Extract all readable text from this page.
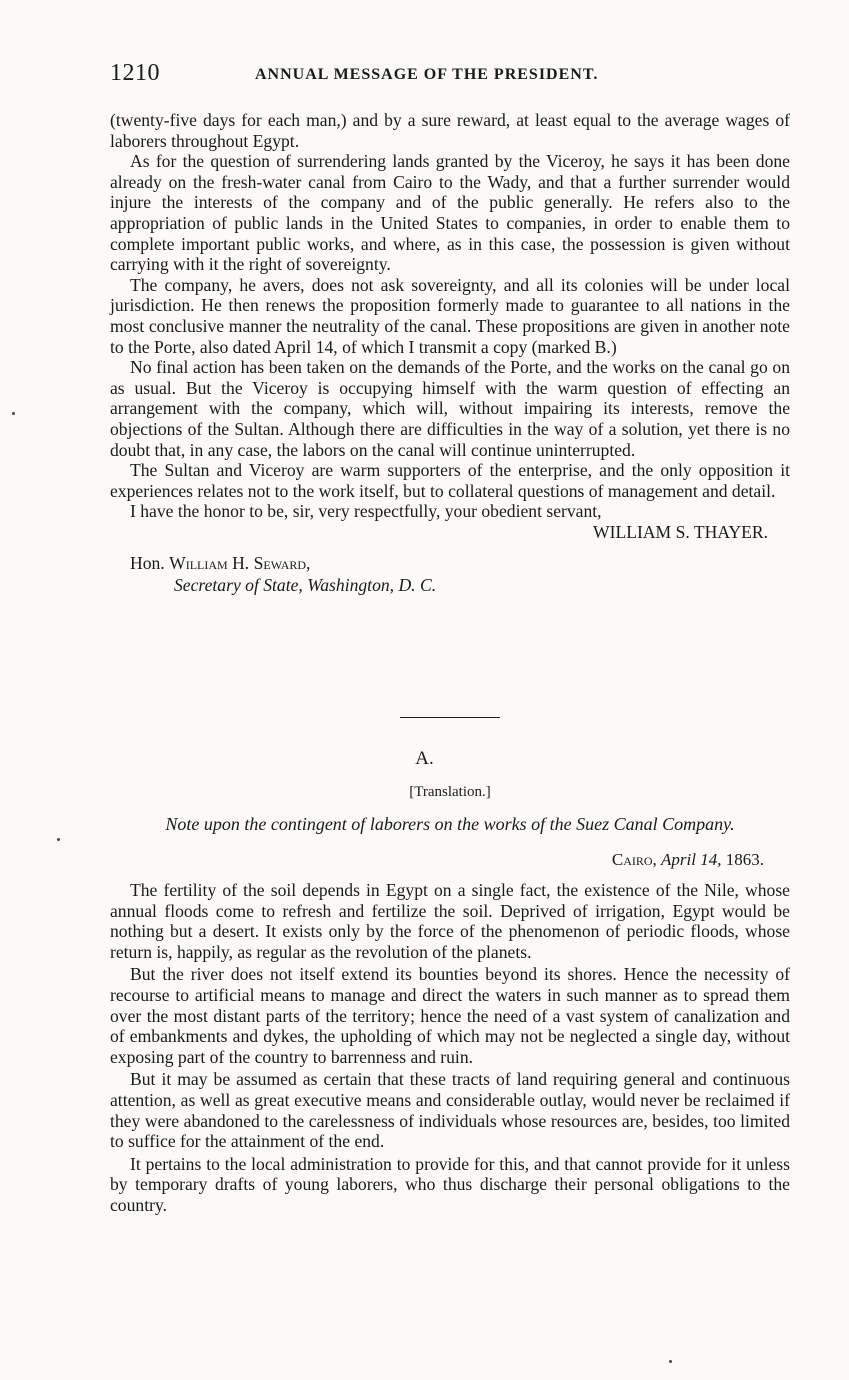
1210	ANNUAL MESSAGE OF THE PRESIDENT.

(twenty-five days for each man,) and by a sure reward, at least equal to the average wages of laborers throughout Egypt.

As for the question of surrendering lands granted by the Viceroy, he says it has been done already on the fresh-water canal from Cairo to the Wady, and that a further surrender would injure the interests of the company and of the public generally. He refers also to the appropriation of public lands in the United States to companies, in order to enable them to complete important public works, and where, as in this case, the possession is given without carrying with it the right of sovereignty.

The company, he avers, does not ask sovereignty, and all its colonies will be under local jurisdiction. He then renews the proposition formerly made to guarantee to all nations in the most conclusive manner the neutrality of the canal. These propositions are given in another note to the Porte, also dated April 14, of which I transmit a copy (marked B.)

No final action has been taken on the demands of the Porte, and the works on the canal go on as usual. But the Viceroy is occupying himself with the warm question of effecting an arrangement with the company, which will, without impairing its interests, remove the objections of the Sultan. Although there are difficulties in the way of a solution, yet there is no doubt that, in any case, the labors on the canal will continue uninterrupted.

The Sultan and Viceroy are warm supporters of the enterprise, and the only opposition it experiences relates not to the work itself, but to collateral questions of management and detail.

I have the honor to be, sir, very respectfully, your obedient servant,

WILLIAM S. THAYER.
Hon. William H. Seward,
Secretary of State, Washington, D. C.
A.
[Translation.]
Note upon the contingent of laborers on the works of the Suez Canal Company.
Cairo, April 14, 1863.

The fertility of the soil depends in Egypt on a single fact, the existence of the Nile, whose annual floods come to refresh and fertilize the soil. Deprived of irrigation, Egypt would be nothing but a desert. It exists only by the force of the phenomenon of periodic floods, whose return is, happily, as regular as the revolution of the planets.

But the river does not itself extend its bounties beyond its shores. Hence the necessity of recourse to artificial means to manage and direct the waters in such manner as to spread them over the most distant parts of the territory; hence the need of a vast system of canalization and of embankments and dykes, the upholding of which may not be neglected a single day, without exposing part of the country to barrenness and ruin.

But it may be assumed as certain that these tracts of land requiring general and continuous attention, as well as great executive means and considerable outlay, would never be reclaimed if they were abandoned to the carelessness of individuals whose resources are, besides, too limited to suffice for the attainment of the end.

It pertains to the local administration to provide for this, and that cannot provide for it unless by temporary drafts of young laborers, who thus discharge their personal obligations to the country.
